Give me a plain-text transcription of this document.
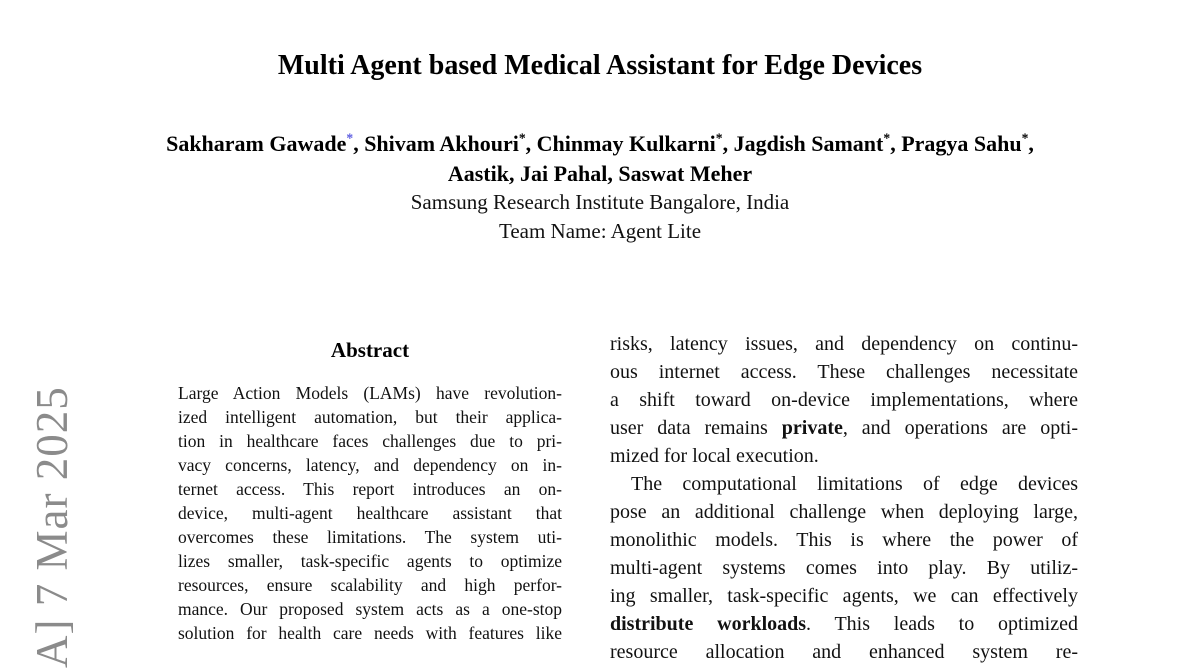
A] 7 Mar 2025
Multi Agent based Medical Assistant for Edge Devices
Sakharam Gawade*, Shivam Akhouri*, Chinmay Kulkarni*, Jagdish Samant*, Pragya Sahu*,
Aastik, Jai Pahal, Saswat Meher
Samsung Research Institute Bangalore, India
Team Name: Agent Lite
Abstract
Large Action Models (LAMs) have revolution-
ized intelligent automation, but their applica-
tion in healthcare faces challenges due to pri-
vacy concerns, latency, and dependency on in-
ternet access. This report introduces an on-
device, multi-agent healthcare assistant that
overcomes these limitations. The system uti-
lizes smaller, task-specific agents to optimize
resources, ensure scalability and high perfor-
mance. Our proposed system acts as a one-stop
solution for health care needs with features like
risks, latency issues, and dependency on continu-
ous internet access. These challenges necessitate
a shift toward on-device implementations, where
user data remains private, and operations are opti-
mized for local execution.
The computational limitations of edge devices
pose an additional challenge when deploying large,
monolithic models. This is where the power of
multi-agent systems comes into play. By utiliz-
ing smaller, task-specific agents, we can effectively
distribute workloads. This leads to optimized
resource allocation and enhanced system re-
